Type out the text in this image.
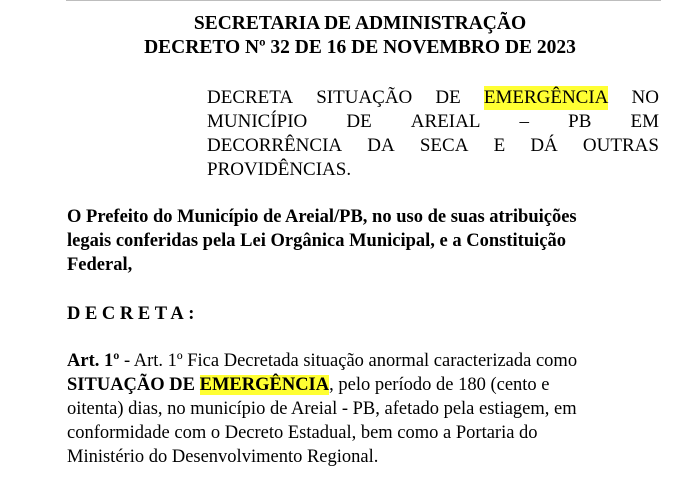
SECRETARIA DE ADMINISTRAÇÃO
DECRETO Nº 32 DE 16 DE NOVEMBRO DE 2023
DECRETA SITUAÇÃO DE EMERGÊNCIA NO
MUNICÍPIO DE AREIAL – PB EM
DECORRÊNCIA DA SECA E DÁ OUTRAS
PROVIDÊNCIAS.
O Prefeito do Município de Areial/PB, no uso de suas atribuições
legais conferidas pela Lei Orgânica Municipal, e a Constituição
Federal,
DECRETA:
Art. 1º - Art. 1º Fica Decretada situação anormal caracterizada como
SITUAÇÃO DE EMERGÊNCIA, pelo período de 180 (cento e
oitenta) dias, no município de Areial - PB, afetado pela estiagem, em
conformidade com o Decreto Estadual, bem como a Portaria do
Ministério do Desenvolvimento Regional.
